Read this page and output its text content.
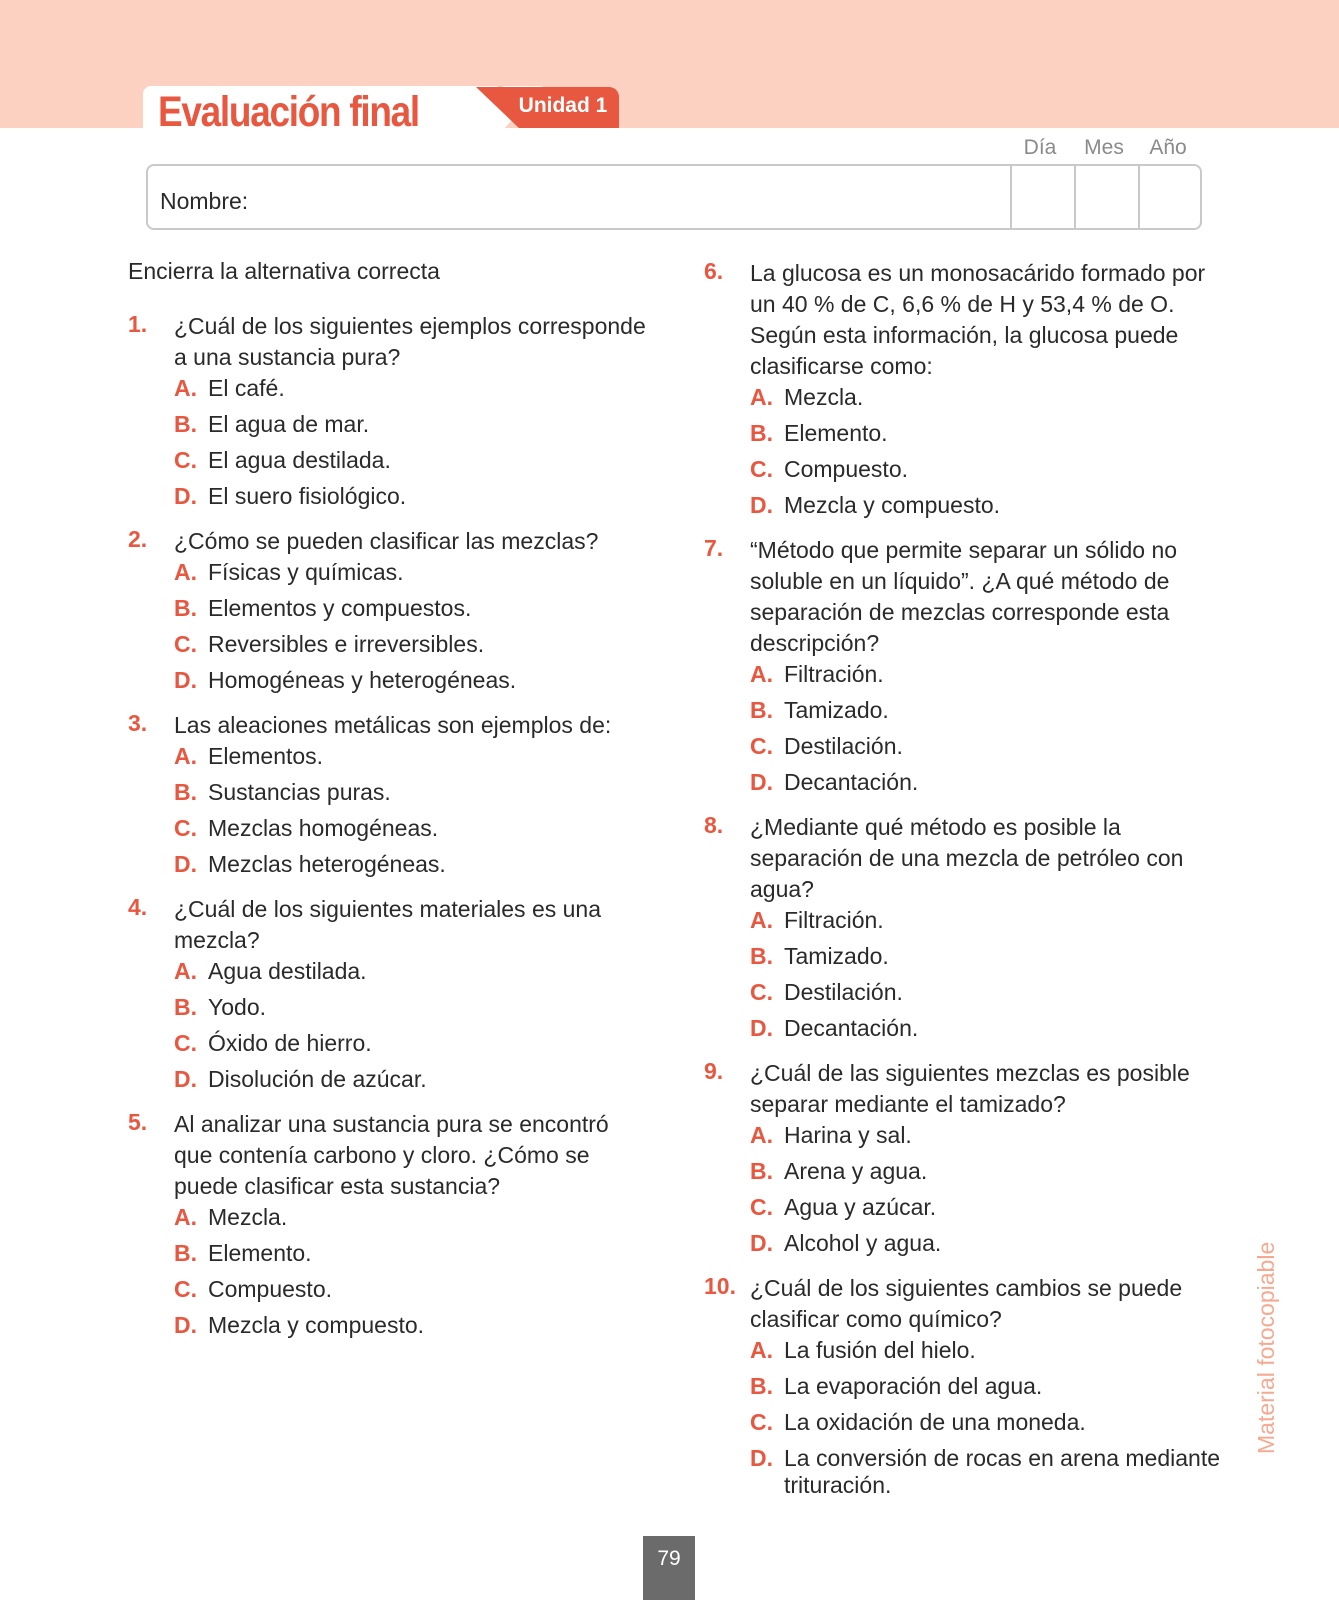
Evaluación final	Unidad 1
Día	Mes	Año
Nombre:

Encierra la alternativa correcta

1. ¿Cuál de los siguientes ejemplos corresponde a una sustancia pura?

A. El café.
B. El agua de mar.
C. El agua destilada.
D. El suero fisiológico.
2. ¿Cómo se pueden clasificar las mezclas?

A. Físicas y químicas.
B. Elementos y compuestos.
C. Reversibles e irreversibles.
D. Homogéneas y heterogéneas.
3. Las aleaciones metálicas son ejemplos de:

A. Elementos.
B. Sustancias puras.
C. Mezclas homogéneas.
D. Mezclas heterogéneas.
4. ¿Cuál de los siguientes materiales es una mezcla?

A. Agua destilada.
B. Yodo.
C. Óxido de hierro.
D. Disolución de azúcar.
5. Al analizar una sustancia pura se encontró que contenía carbono y cloro. ¿Cómo se puede clasificar esta sustancia?

A. Mezcla.
B. Elemento.
C. Compuesto.
D. Mezcla y compuesto.
6. La glucosa es un monosacárido formado por un 40 % de C, 6,6 % de H y 53,4 % de O. Según esta información, la glucosa puede clasificarse como:

A. Mezcla.
B. Elemento.
C. Compuesto.
D. Mezcla y compuesto.
7. “Método que permite separar un sólido no soluble en un líquido”. ¿A qué método de separación de mezclas corresponde esta descripción?

A. Filtración.
B. Tamizado.
C. Destilación.
D. Decantación.
8. ¿Mediante qué método es posible la separación de una mezcla de petróleo con agua?

A. Filtración.
B. Tamizado.
C. Destilación.
D. Decantación.
9. ¿Cuál de las siguientes mezclas es posible separar mediante el tamizado?

A. Harina y sal.
B. Arena y agua.
C. Agua y azúcar.
D. Alcohol y agua.
10. ¿Cuál de los siguientes cambios se puede clasificar como químico?

A. La fusión del hielo.
B. La evaporación del agua.
C. La oxidación de una moneda.
D. La conversión de rocas en arena mediante trituración.
Material fotocopiable
79
